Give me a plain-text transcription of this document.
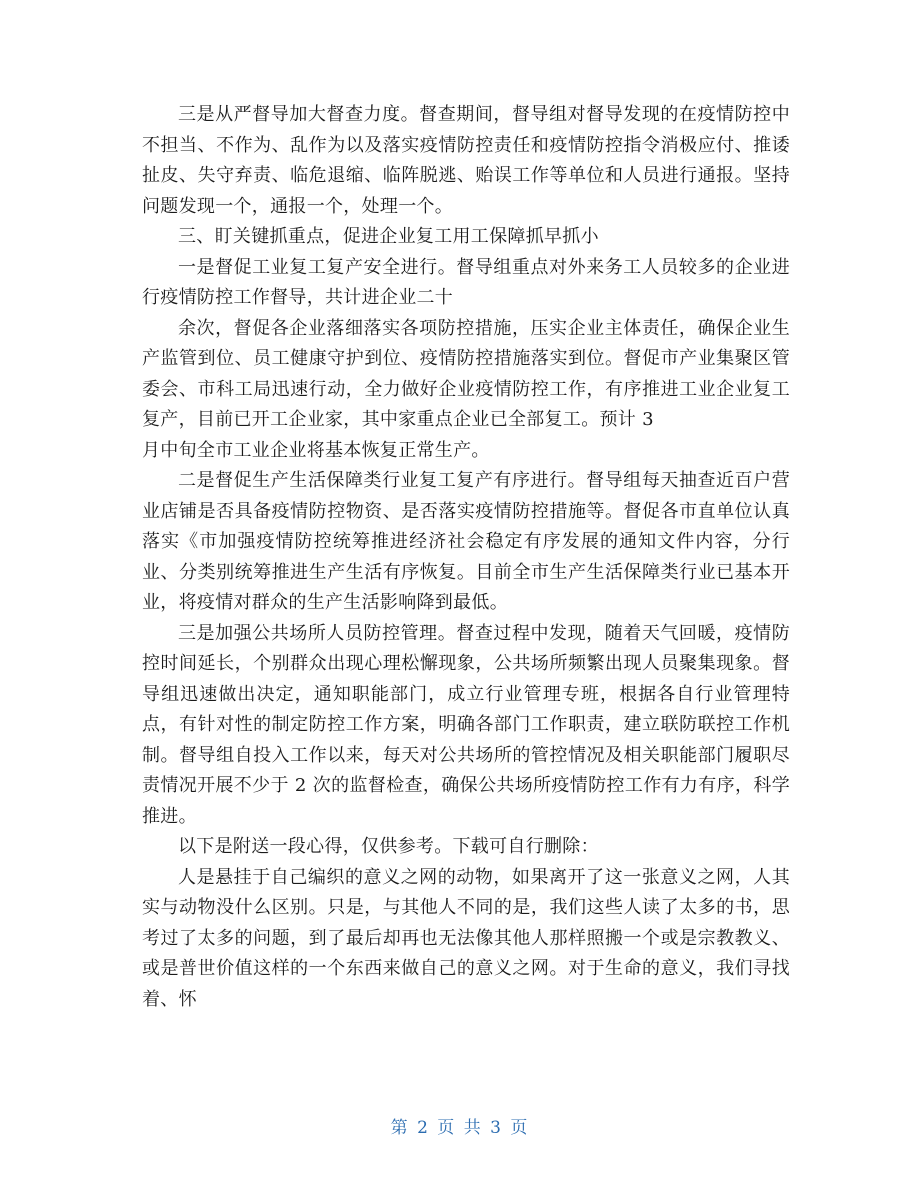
三是从严督导加大督查力度。督查期间，督导组对督导发现的在疫情防控中不担当、不作为、乱作为以及落实疫情防控责任和疫情防控指令消极应付、推诿扯皮、失守弃责、临危退缩、临阵脱逃、贻误工作等单位和人员进行通报。坚持问题发现一个，通报一个，处理一个。

三、盯关键抓重点，促进企业复工用工保障抓早抓小

一是督促工业复工复产安全进行。督导组重点对外来务工人员较多的企业进行疫情防控工作督导，共计进企业二十

余次，督促各企业落细落实各项防控措施，压实企业主体责任，确保企业生产监管到位、员工健康守护到位、疫情防控措施落实到位。督促市产业集聚区管委会、市科工局迅速行动，全力做好企业疫情防控工作，有序推进工业企业复工复产，目前已开工企业家，其中家重点企业已全部复工。预计 3

月中旬全市工业企业将基本恢复正常生产。

二是督促生产生活保障类行业复工复产有序进行。督导组每天抽查近百户营业店铺是否具备疫情防控物资、是否落实疫情防控措施等。督促各市直单位认真落实《市加强疫情防控统筹推进经济社会稳定有序发展的通知文件内容，分行业、分类别统筹推进生产生活有序恢复。目前全市生产生活保障类行业已基本开业，将疫情对群众的生产生活影响降到最低。

三是加强公共场所人员防控管理。督查过程中发现，随着天气回暖，疫情防控时间延长，个别群众出现心理松懈现象，公共场所频繁出现人员聚集现象。督导组迅速做出决定，通知职能部门，成立行业管理专班，根据各自行业管理特点，有针对性的制定防控工作方案，明确各部门工作职责，建立联防联控工作机制。督导组自投入工作以来，每天对公共场所的管控情况及相关职能部门履职尽责情况开展不少于 2 次的监督检查，确保公共场所疫情防控工作有力有序，科学推进。

以下是附送一段心得，仅供参考。下载可自行删除：

人是悬挂于自己编织的意义之网的动物，如果离开了这一张意义之网，人其实与动物没什么区别。只是，与其他人不同的是，我们这些人读了太多的书，思考过了太多的问题，到了最后却再也无法像其他人那样照搬一个或是宗教教义、或是普世价值这样的一个东西来做自己的意义之网。对于生命的意义，我们寻找着、怀

第 2 页 共 3 页
